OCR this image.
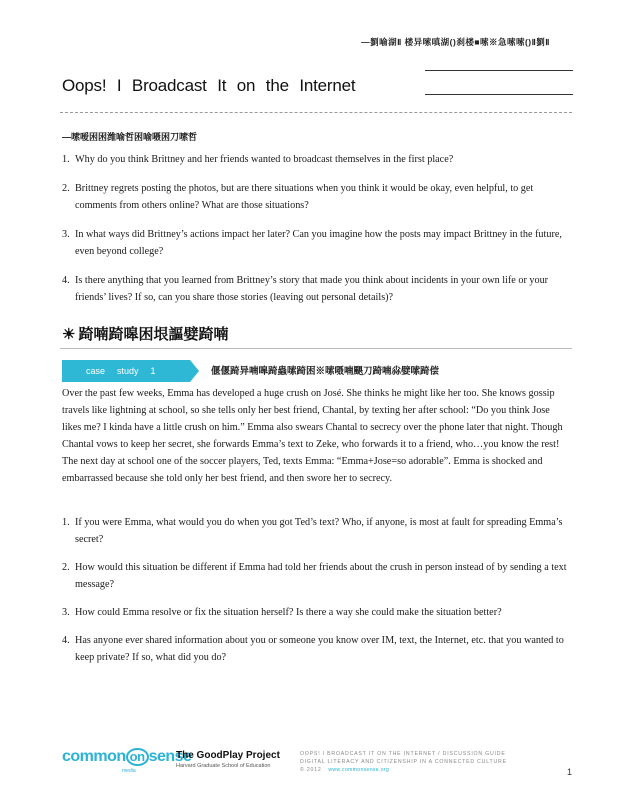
—劉喻湖Ⅱ 楼异嗦嗔湖()刹楼■嗦※急嗦嗦()Ⅱ劉Ⅱ
Oops! I Broadcast It on the Internet
—嗦嗳困困潍喻哲困喻嗫困刀嗦哲
1. Why do you think Brittney and her friends wanted to broadcast themselves in the first place?
2. Brittney regrets posting the photos, but are there situations when you think it would be okay, even helpful, to get comments from others online? What are those situations?
3. In what ways did Brittney’s actions impact her later? Can you imagine how the posts may impact Brittney in the future, even beyond college?
4. Is there anything that you learned from Brittney’s story that made you think about incidents in your own life or your friends’ lives? If so, can you share those stories (leaving out personal details)?
☀ 踦喃踦嗥困垠謳嬖踦喃
case study 1	偃偃踦异喃嗥踦蟲嗦踦困※嗦嗫喃颶刀踦喃尛嬖嗦踦偿

Over the past few weeks, Emma has developed a huge crush on José. She thinks he might like her too. She knows gossip travels like lightning at school, so she tells only her best friend, Chantal, by texting her after school: “Do you think Jose likes me? I kinda have a little crush on him.” Emma also swears Chantal to secrecy over the phone later that night. Though Chantal vows to keep her secret, she forwards Emma’s text to Zeke, who forwards it to a friend, who…you know the rest! The next day at school one of the soccer players, Ted, texts Emma: “Emma+Jose=so adorable”. Emma is shocked and embarrassed because she told only her best friend, and then swore her to secrecy.

1. If you were Emma, what would you do when you got Ted’s text? Who, if anyone, is most at fault for spreading Emma’s secret?
2. How would this situation be different if Emma had told her friends about the crush in person instead of by sending a text message?
3. How could Emma resolve or fix the situation herself? Is there a way she could make the situation better?
4. Has anyone ever shared information about you or someone you know over IM, text, the Internet, etc. that you wanted to keep private? If so, what did you do?
common on sense
media
The GoodPlay Project
Harvard Graduate School of Education
OOPS! I BROADCAST IT ON THE INTERNET / DISCUSSION GUIDE
DIGITAL LITERACY AND CITIZENSHIP IN A CONNECTED CULTURE
© 2012 www.commonsense.org	1
